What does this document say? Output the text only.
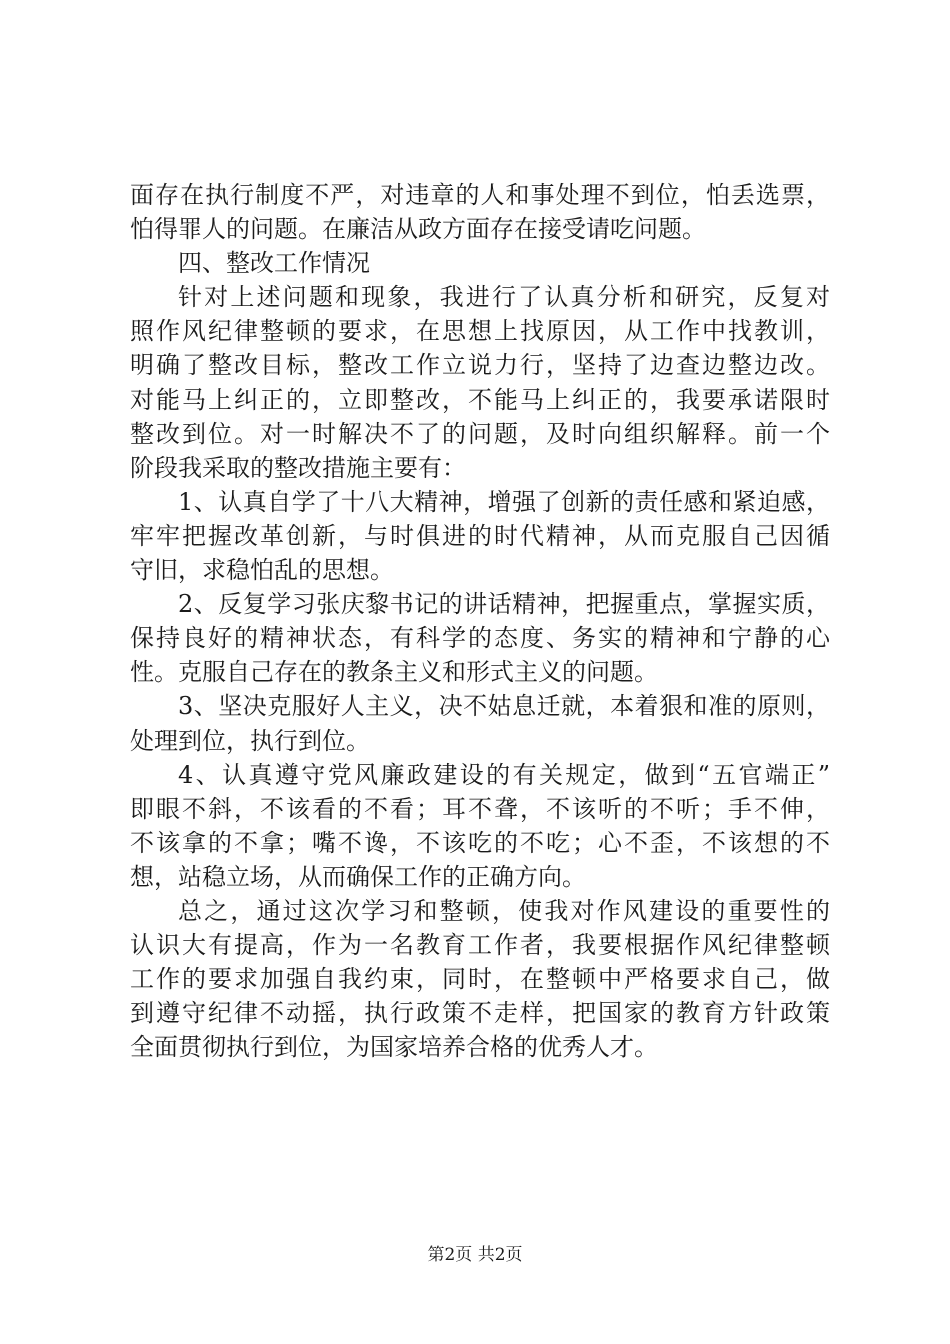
面存在执行制度不严，对违章的人和事处理不到位，怕丢选票，
怕得罪人的问题。在廉洁从政方面存在接受请吃问题。
四、整改工作情况
针对上述问题和现象，我进行了认真分析和研究，反复对
照作风纪律整顿的要求，在思想上找原因，从工作中找教训，
明确了整改目标，整改工作立说力行，坚持了边查边整边改。
对能马上纠正的，立即整改，不能马上纠正的，我要承诺限时
整改到位。对一时解决不了的问题，及时向组织解释。前一个
阶段我采取的整改措施主要有：
1、认真自学了十八大精神，增强了创新的责任感和紧迫感，
牢牢把握改革创新，与时俱进的时代精神，从而克服自己因循
守旧，求稳怕乱的思想。
2、反复学习张庆黎书记的讲话精神，把握重点，掌握实质，
保持良好的精神状态，有科学的态度、务实的精神和宁静的心
性。克服自己存在的教条主义和形式主义的问题。
3、坚决克服好人主义，决不姑息迁就，本着狠和准的原则，
处理到位，执行到位。
4、认真遵守党风廉政建设的有关规定，做到“五官端正”
即眼不斜，不该看的不看；耳不聋，不该听的不听；手不伸，
不该拿的不拿；嘴不谗，不该吃的不吃；心不歪，不该想的不
想，站稳立场，从而确保工作的正确方向。
总之，通过这次学习和整顿，使我对作风建设的重要性的
认识大有提高，作为一名教育工作者，我要根据作风纪律整顿
工作的要求加强自我约束，同时，在整顿中严格要求自己，做
到遵守纪律不动摇，执行政策不走样，把国家的教育方针政策
全面贯彻执行到位，为国家培养合格的优秀人才。
第2页 共2页
